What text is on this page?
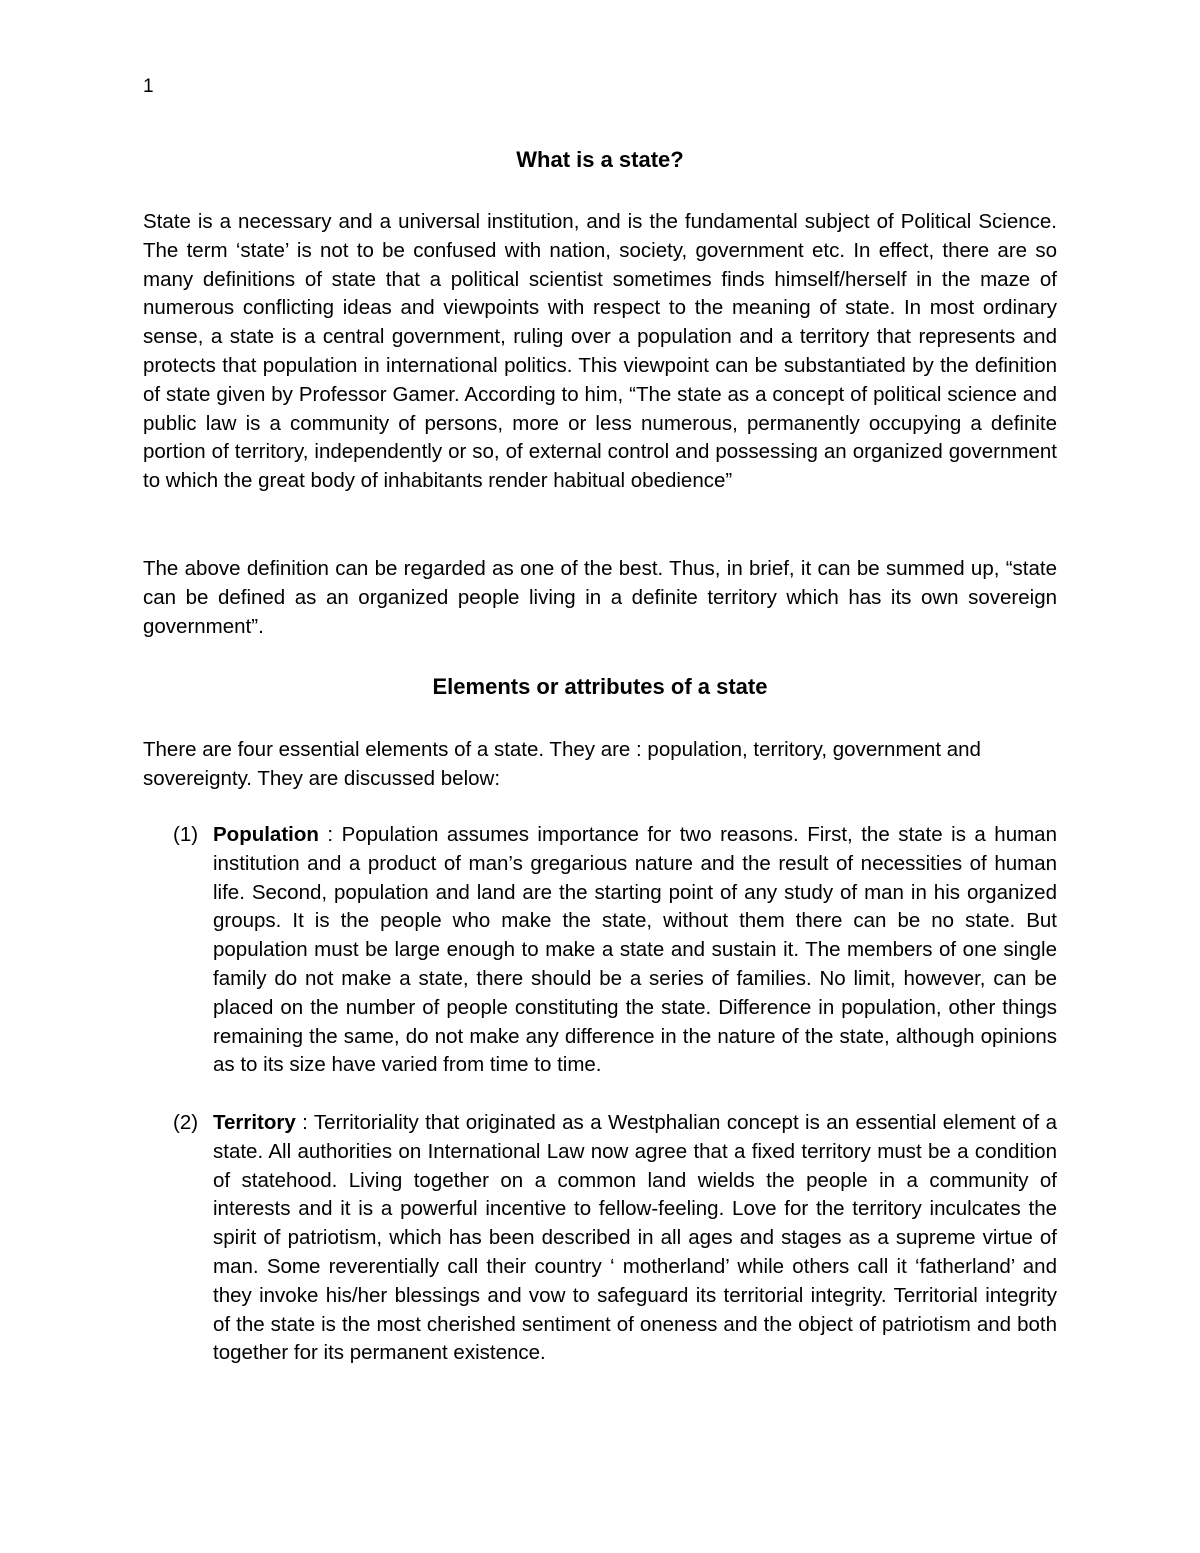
1
What is a state?

State is a necessary and a universal institution, and is the fundamental subject of Political Science. The term ‘state’ is not to be confused with nation, society, government etc. In effect, there are so many definitions of state that a political scientist sometimes finds himself/herself in the maze of numerous conflicting ideas and viewpoints with respect to the meaning of state. In most ordinary sense, a state is a central government, ruling over a population and a territory that represents and protects that population in international politics. This viewpoint can be substantiated by the definition of state given by Professor Gamer. According to him, “The state as a concept of political science and public law is a community of persons, more or less numerous, permanently occupying a definite portion of territory, independently or so, of external control and possessing an organized government to which the great body of inhabitants render habitual obedience”

The above definition can be regarded as one of the best. Thus, in brief, it can be summed up, “state can be defined as an organized people living in a definite territory which has its own sovereign government”.

Elements or attributes of a state

There are four essential elements of a state. They are : population, territory, government and sovereignty. They are discussed below:

(1) Population : Population assumes importance for two reasons. First, the state is a human institution and a product of man’s gregarious nature and the result of necessities of human life. Second, population and land are the starting point of any study of man in his organized groups. It is the people who make the state, without them there can be no state. But population must be large enough to make a state and sustain it. The members of one single family do not make a state, there should be a series of families. No limit, however, can be placed on the number of people constituting the state. Difference in population, other things remaining the same, do not make any difference in the nature of the state, although opinions as to its size have varied from time to time.

(2) Territory : Territoriality that originated as a Westphalian concept is an essential element of a state. All authorities on International Law now agree that a fixed territory must be a condition of statehood. Living together on a common land wields the people in a community of interests and it is a powerful incentive to fellow-feeling. Love for the territory inculcates the spirit of patriotism, which has been described in all ages and stages as a supreme virtue of man. Some reverentially call their country ‘ motherland’ while others call it ‘fatherland’ and they invoke his/her blessings and vow to safeguard its territorial integrity. Territorial integrity of the state is the most cherished sentiment of oneness and the object of patriotism and both together for its permanent existence.
